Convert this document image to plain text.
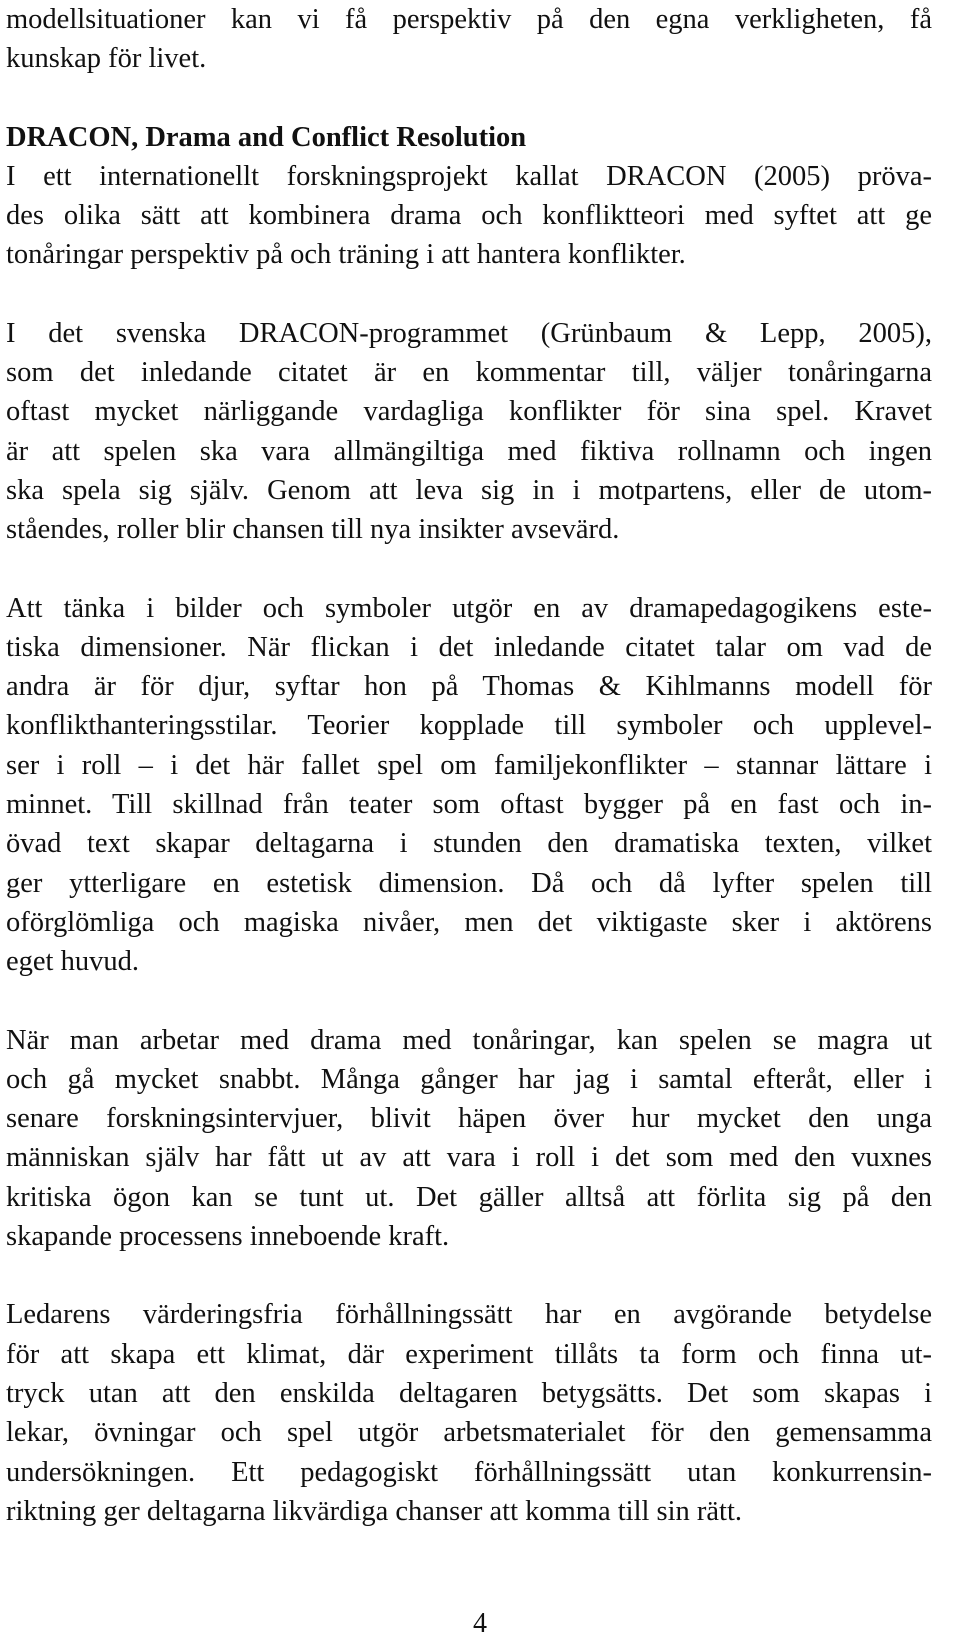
modellsituationer kan vi få perspektiv på den egna verkligheten, få
kunskap för livet.

DRACON, Drama and Conflict Resolution
I ett internationellt forskningsprojekt kallat DRACON (2005) pröva-
des olika sätt att kombinera drama och konfliktteori med syftet att ge
tonåringar perspektiv på och träning i att hantera konflikter.

I det svenska DRACON-programmet (Grünbaum & Lepp, 2005),
som det inledande citatet är en kommentar till, väljer tonåringarna
oftast mycket närliggande vardagliga konflikter för sina spel. Kravet
är att spelen ska vara allmängiltiga med fiktiva rollnamn och ingen
ska spela sig själv. Genom att leva sig in i motpartens, eller de utom-
ståendes, roller blir chansen till nya insikter avsevärd.

Att tänka i bilder och symboler utgör en av dramapedagogikens este-
tiska dimensioner. När flickan i det inledande citatet talar om vad de
andra är för djur, syftar hon på Thomas & Kihlmanns modell för
konflikthanteringsstilar. Teorier kopplade till symboler och upplevel-
ser i roll – i det här fallet spel om familjekonflikter – stannar lättare i
minnet. Till skillnad från teater som oftast bygger på en fast och in-
övad text skapar deltagarna i stunden den dramatiska texten, vilket
ger ytterligare en estetisk dimension. Då och då lyfter spelen till
oförglömliga och magiska nivåer, men det viktigaste sker i aktörens
eget huvud.

När man arbetar med drama med tonåringar, kan spelen se magra ut
och gå mycket snabbt. Många gånger har jag i samtal efteråt, eller i
senare forskningsintervjuer, blivit häpen över hur mycket den unga
människan själv har fått ut av att vara i roll i det som med den vuxnes
kritiska ögon kan se tunt ut. Det gäller alltså att förlita sig på den
skapande processens inneboende kraft.

Ledarens värderingsfria förhållningssätt har en avgörande betydelse
för att skapa ett klimat, där experiment tillåts ta form och finna ut-
tryck utan att den enskilda deltagaren betygsätts. Det som skapas i
lekar, övningar och spel utgör arbetsmaterialet för den gemensamma
undersökningen. Ett pedagogiskt förhållningssätt utan konkurrensin-
riktning ger deltagarna likvärdiga chanser att komma till sin rätt.

4
